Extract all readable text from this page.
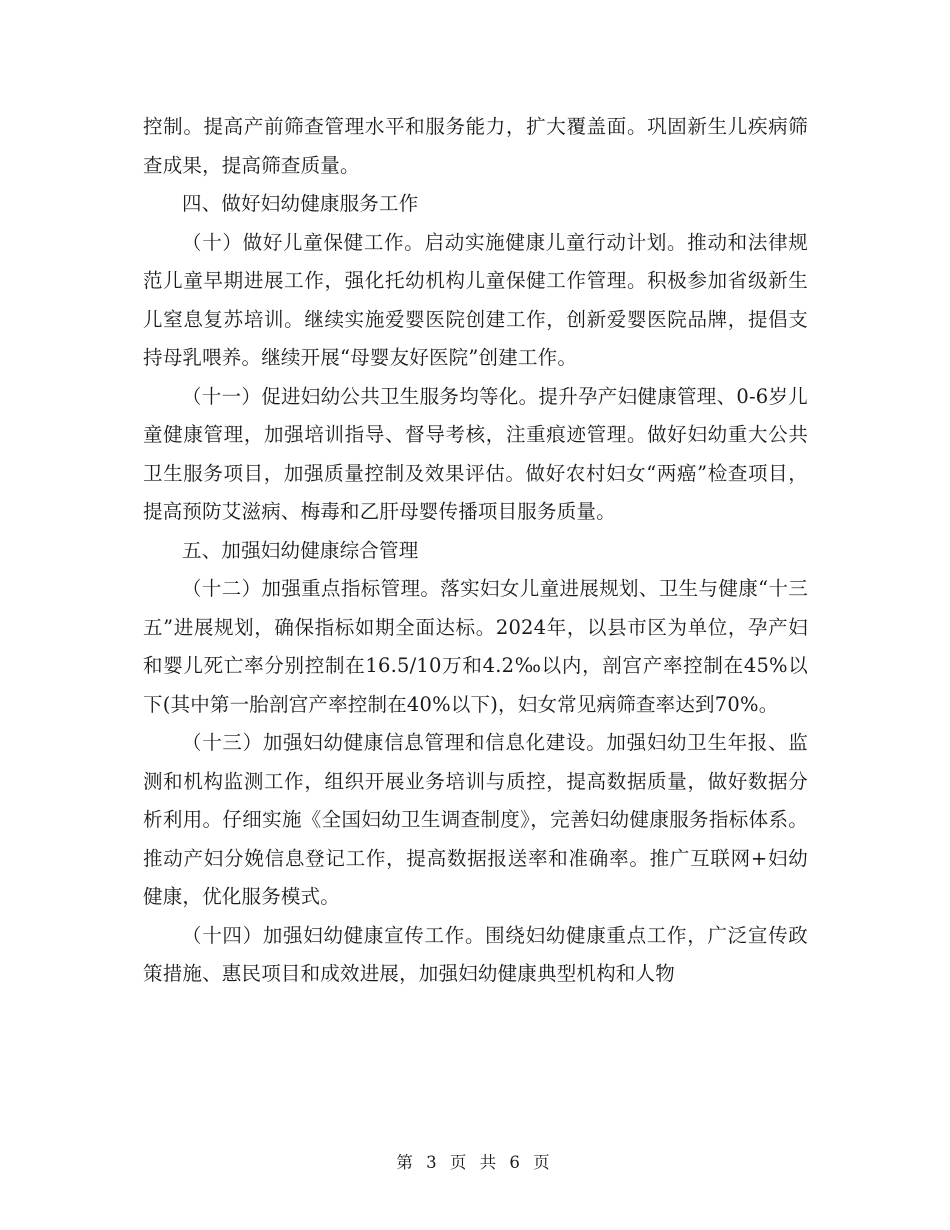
控制。提高产前筛查管理水平和服务能力，扩大覆盖面。巩固新生儿疾病筛查成果，提高筛查质量。

四、做好妇幼健康服务工作

（十）做好儿童保健工作。启动实施健康儿童行动计划。推动和法律规范儿童早期进展工作，强化托幼机构儿童保健工作管理。积极参加省级新生儿窒息复苏培训。继续实施爱婴医院创建工作，创新爱婴医院品牌，提倡支持母乳喂养。继续开展“母婴友好医院”创建工作。

（十一）促进妇幼公共卫生服务均等化。提升孕产妇健康管理、0-6岁儿童健康管理，加强培训指导、督导考核，注重痕迹管理。做好妇幼重大公共卫生服务项目，加强质量控制及效果评估。做好农村妇女“两癌”检查项目，提高预防艾滋病、梅毒和乙肝母婴传播项目服务质量。

五、加强妇幼健康综合管理

（十二）加强重点指标管理。落实妇女儿童进展规划、卫生与健康“十三五”进展规划，确保指标如期全面达标。2024年，以县市区为单位，孕产妇和婴儿死亡率分别控制在16.5/10万和4.2‰以内，剖宫产率控制在45%以下(其中第一胎剖宫产率控制在40%以下)，妇女常见病筛查率达到70%。

（十三）加强妇幼健康信息管理和信息化建设。加强妇幼卫生年报、监测和机构监测工作，组织开展业务培训与质控，提高数据质量，做好数据分析利用。仔细实施《全国妇幼卫生调查制度》，完善妇幼健康服务指标体系。推动产妇分娩信息登记工作，提高数据报送率和准确率。推广互联网+妇幼健康，优化服务模式。

（十四）加强妇幼健康宣传工作。围绕妇幼健康重点工作，广泛宣传政策措施、惠民项目和成效进展，加强妇幼健康典型机构和人物

第 3 页 共 6 页
